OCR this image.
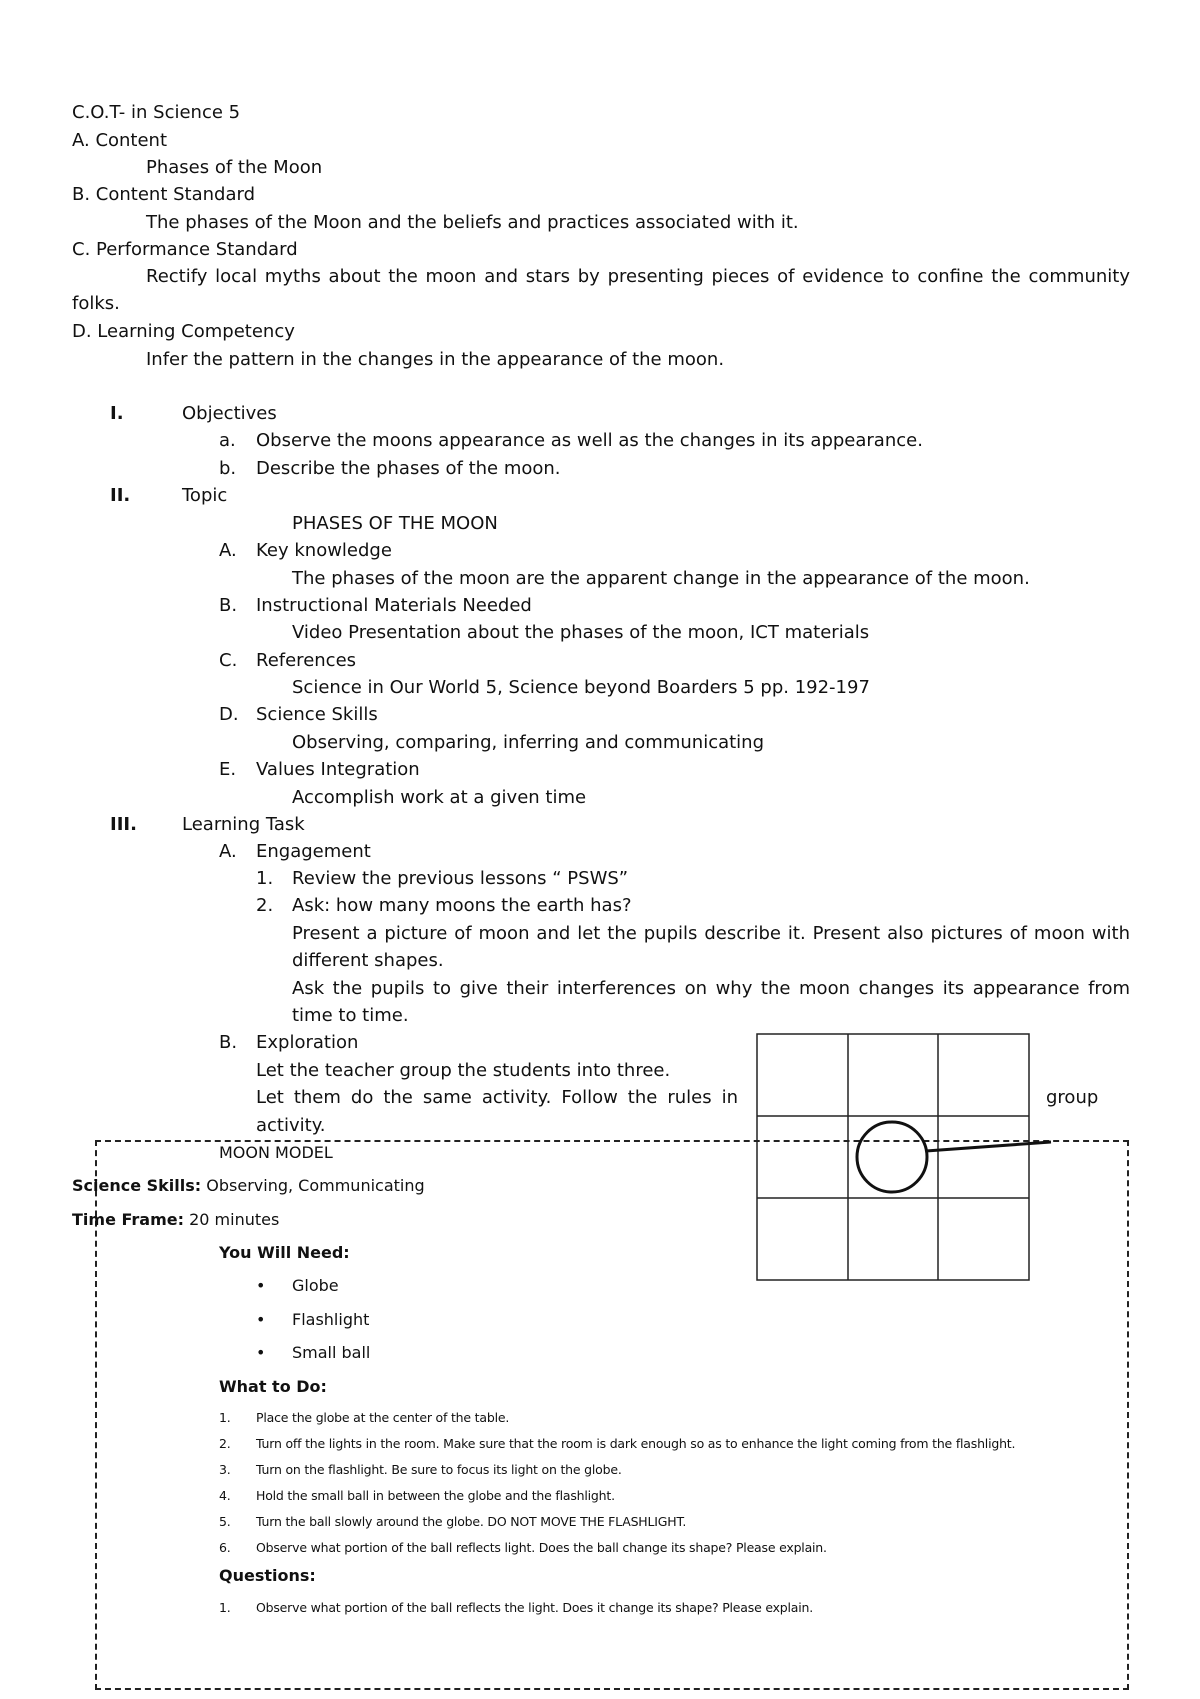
C.O.T- in Science 5
A. Content
Phases of the Moon
B. Content Standard
The phases of the Moon and the beliefs and practices associated with it.
C. Performance Standard
Rectify local myths about the moon and stars by presenting pieces of evidence to confine the community
folks.
D. Learning Competency
Infer the pattern in the changes in the appearance of the moon.
I.	Objectives
a. Observe the moons appearance as well as the changes in its appearance.
b. Describe the phases of the moon.
II.	Topic
PHASES OF THE MOON
A. Key knowledge
The phases of the moon are the apparent change in the appearance of the moon.
B. Instructional Materials Needed
Video Presentation about the phases of the moon, ICT materials
C. References
Science in Our World 5, Science beyond Boarders 5 pp. 192-197
D. Science Skills
Observing, comparing, inferring and communicating
E. Values Integration
Accomplish work at a given time
III.	Learning Task
A. Engagement
1. Review the previous lessons “ PSWS”
2. Ask: how many moons the earth has?
Present a picture of moon and let the pupils describe it. Present also pictures of moon with
different shapes.
Ask the pupils to give their interferences on why the moon changes its appearance from
time to time.
B. Exploration
Let the teacher group the students into three.
Let them do the same activity. Follow the rules in	group
activity.
MOON MODEL
Science Skills: Observing, Communicating
Time Frame: 20 minutes
You Will Need:
• Globe
• Flashlight
• Small ball
What to Do:
1. Place the globe at the center of the table.
2. Turn off the lights in the room. Make sure that the room is dark enough so as to enhance the light coming from the flashlight.
3. Turn on the flashlight. Be sure to focus its light on the globe.
4. Hold the small ball in between the globe and the flashlight.
5. Turn the ball slowly around the globe. DO NOT MOVE THE FLASHLIGHT.
6. Observe what portion of the ball reflects light. Does the ball change its shape? Please explain.
Questions:
1. Observe what portion of the ball reflects the light. Does it change its shape? Please explain.
